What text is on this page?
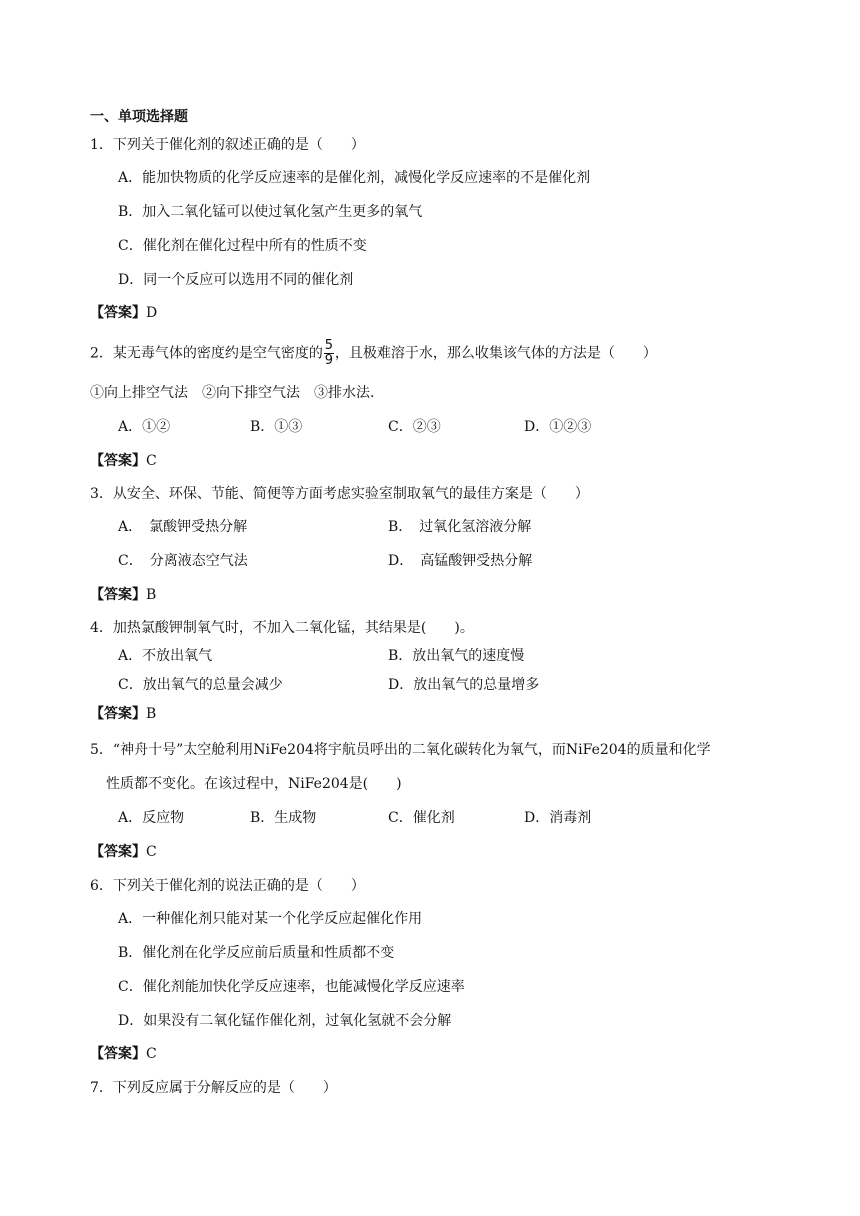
一、单项选择题
1．下列关于催化剂的叙述正确的是（　　）
A．能加快物质的化学反应速率的是催化剂，减慢化学反应速率的不是催化剂
B．加入二氧化锰可以使过氧化氢产生更多的氧气
C．催化剂在催化过程中所有的性质不变
D．同一个反应可以选用不同的催化剂
【答案】D
2．某无毒气体的密度约是空气密度的 $\frac{5}{9}$ ，且极难溶于水，那么收集该气体的方法是（　　）
①向上排空气法　②向下排空气法　③排水法．
A．①②	B．①③	C．②③	D．①②③
【答案】C
3．从安全、环保、节能、简便等方面考虑实验室制取氧气的最佳方案是（　　）
A．　氯酸钾受热分解	B．　过氧化氢溶液分解
C．　分离液态空气法	D．　高锰酸钾受热分解
【答案】B
4．加热氯酸钾制氧气时，不加入二氧化锰，其结果是(　　)。
A．不放出氧气	B．放出氧气的速度慢
C．放出氧气的总量会减少	D．放出氧气的总量增多
【答案】B
5．“神舟十号”太空舱利用NiFe204将宇航员呼出的二氧化碳转化为氧气，而NiFe204的质量和化学
性质都不变化。在该过程中，NiFe204是(　　)
A．反应物	B．生成物	C．催化剂	D．消毒剂
【答案】C
6．下列关于催化剂的说法正确的是（　　）
A．一种催化剂只能对某一个化学反应起催化作用
B．催化剂在化学反应前后质量和性质都不变
C．催化剂能加快化学反应速率，也能减慢化学反应速率
D．如果没有二氧化锰作催化剂，过氧化氢就不会分解
【答案】C
7．下列反应属于分解反应的是（　　）
